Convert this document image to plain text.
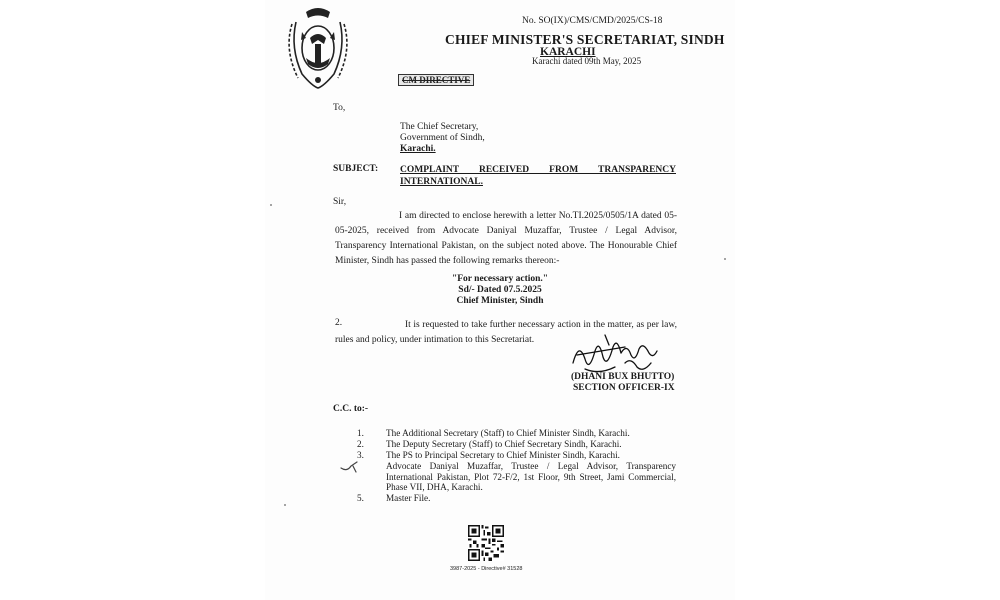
No. SO(IX)/CMS/CMD/2025/CS-18
CHIEF MINISTER'S SECRETARIAT, SINDH
KARACHI
Karachi dated 09th May, 2025
CM DIRECTIVE
To,
The Chief Secretary,
Government of Sindh,
Karachi.
SUBJECT: COMPLAINT RECEIVED FROM TRANSPARENCY INTERNATIONAL.
Sir,
I am directed to enclose herewith a letter No.TI.2025/0505/1A dated 05-05-2025, received from Advocate Daniyal Muzaffar, Trustee / Legal Advisor, Transparency International Pakistan, on the subject noted above. The Honourable Chief Minister, Sindh has passed the following remarks thereon:-
"For necessary action."
Sd/- Dated 07.5.2025
Chief Minister, Sindh
2.	It is requested to take further necessary action in the matter, as per law, rules and policy, under intimation to this Secretariat.
(DHANI BUX BHUTTO)
SECTION OFFICER-IX
C.C. to:-
1.	The Additional Secretary (Staff) to Chief Minister Sindh, Karachi.
2.	The Deputy Secretary (Staff) to Chief Secretary Sindh, Karachi.
3.	The PS to Principal Secretary to Chief Minister Sindh, Karachi.
Advocate Daniyal Muzaffar, Trustee / Legal Advisor, Transparency International Pakistan, Plot 72-F/2, 1st Floor, 9th Street, Jami Commercial, Phase VII, DHA, Karachi.
5.	Master File.
3987-2025 - Directive# 31528
